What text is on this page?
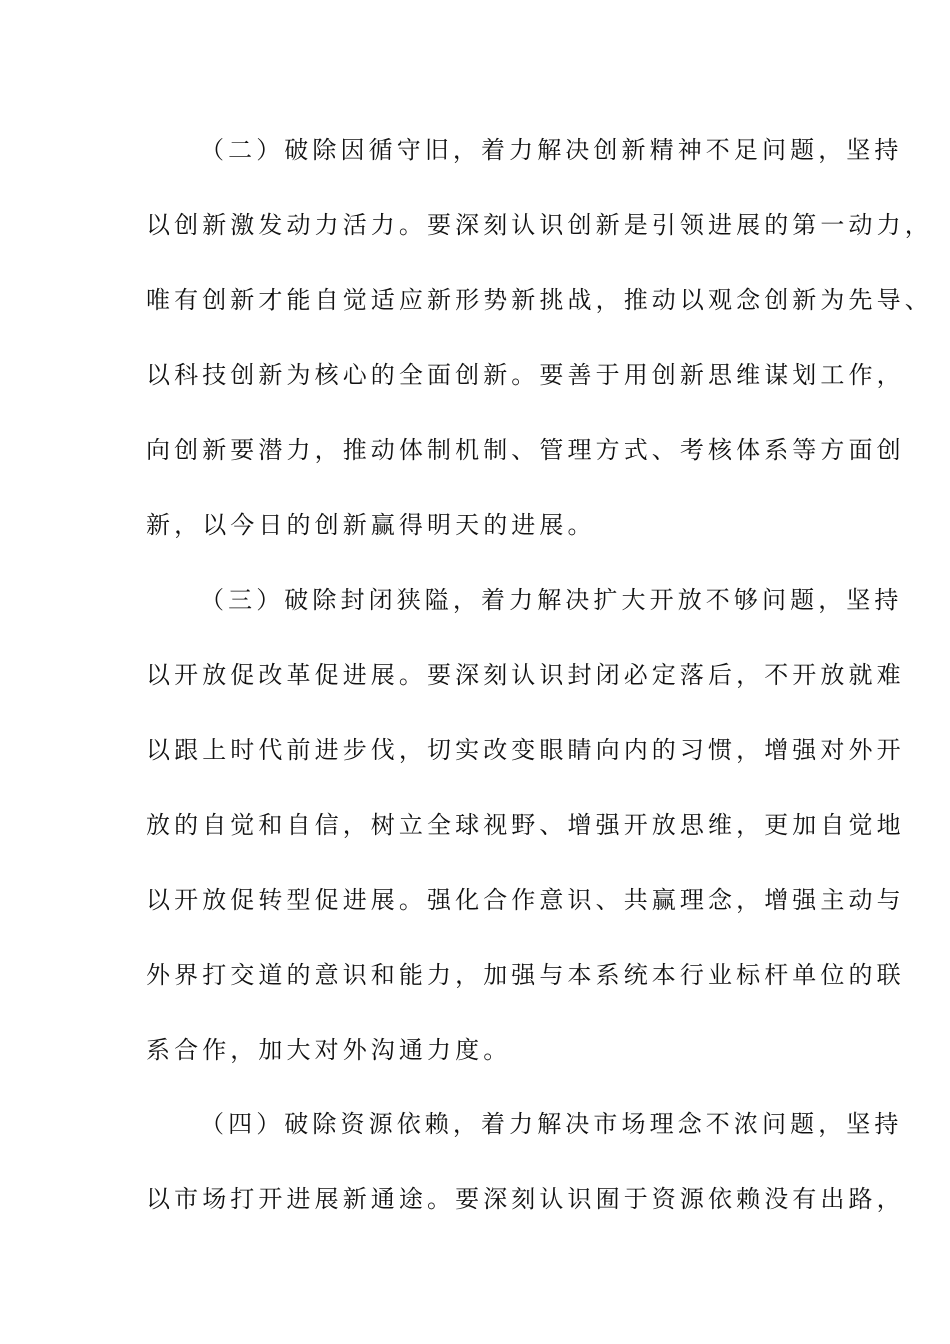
（二）破除因循守旧，着力解决创新精神不足问题，坚持
以创新激发动力活力。要深刻认识创新是引领进展的第一动力，
唯有创新才能自觉适应新形势新挑战，推动以观念创新为先导、
以科技创新为核心的全面创新。要善于用创新思维谋划工作，
向创新要潜力，推动体制机制、管理方式、考核体系等方面创
新，以今日的创新赢得明天的进展。
（三）破除封闭狭隘，着力解决扩大开放不够问题，坚持
以开放促改革促进展。要深刻认识封闭必定落后，不开放就难
以跟上时代前进步伐，切实改变眼睛向内的习惯，增强对外开
放的自觉和自信，树立全球视野、增强开放思维，更加自觉地
以开放促转型促进展。强化合作意识、共赢理念，增强主动与
外界打交道的意识和能力，加强与本系统本行业标杆单位的联
系合作，加大对外沟通力度。
（四）破除资源依赖，着力解决市场理念不浓问题，坚持
以市场打开进展新通途。要深刻认识囿于资源依赖没有出路，
